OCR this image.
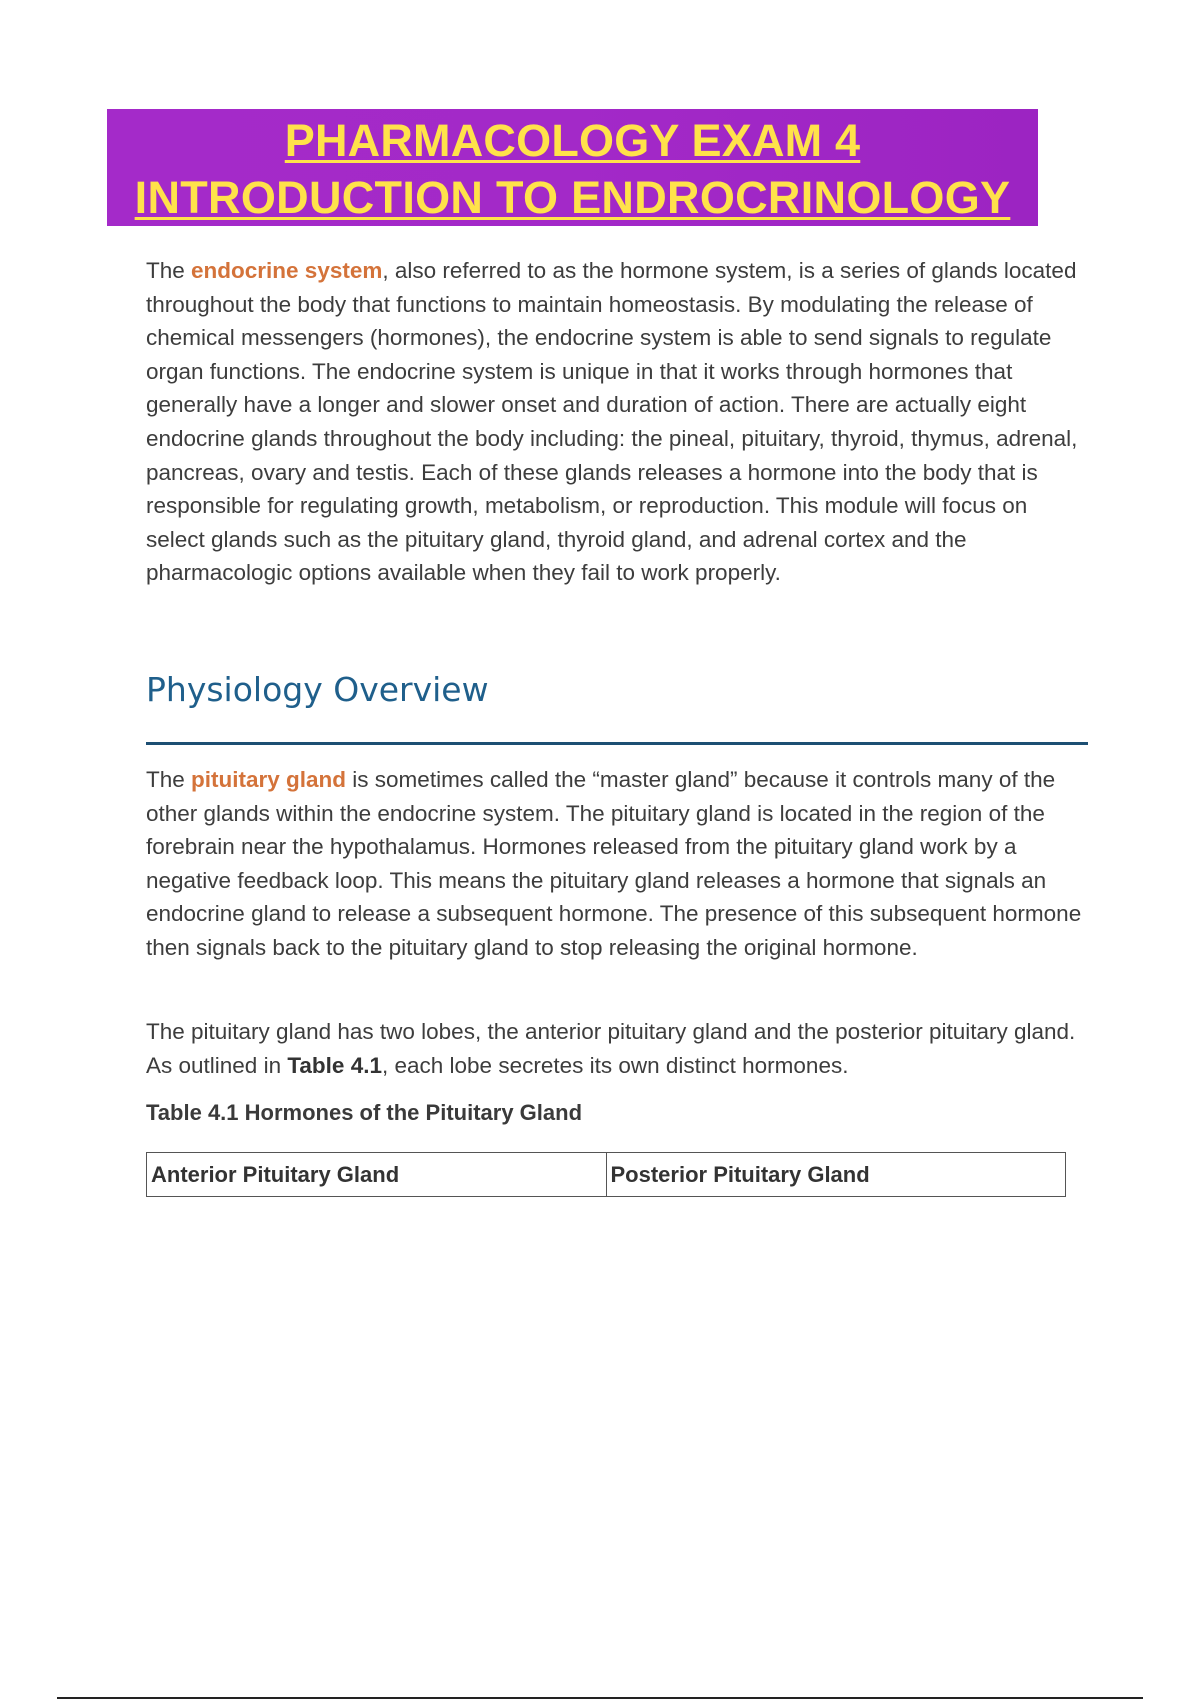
PHARMACOLOGY EXAM 4
INTRODUCTION TO ENDROCRINOLOGY

The endocrine system, also referred to as the hormone system, is a series of glands located throughout the body that functions to maintain homeostasis. By modulating the release of chemical messengers (hormones), the endocrine system is able to send signals to regulate organ functions. The endocrine system is unique in that it works through hormones that generally have a longer and slower onset and duration of action. There are actually eight endocrine glands throughout the body including: the pineal, pituitary, thyroid, thymus, adrenal, pancreas, ovary and testis. Each of these glands releases a hormone into the body that is responsible for regulating growth, metabolism, or reproduction. This module will focus on select glands such as the pituitary gland, thyroid gland, and adrenal cortex and the pharmacologic options available when they fail to work properly.

Physiology Overview

The pituitary gland is sometimes called the “master gland” because it controls many of the other glands within the endocrine system. The pituitary gland is located in the region of the forebrain near the hypothalamus. Hormones released from the pituitary gland work by a negative feedback loop. This means the pituitary gland releases a hormone that signals an endocrine gland to release a subsequent hormone. The presence of this subsequent hormone then signals back to the pituitary gland to stop releasing the original hormone.

The pituitary gland has two lobes, the anterior pituitary gland and the posterior pituitary gland. As outlined in Table 4.1, each lobe secretes its own distinct hormones.

Table 4.1 Hormones of the Pituitary Gland

Anterior Pituitary Gland	Posterior Pituitary Gland
